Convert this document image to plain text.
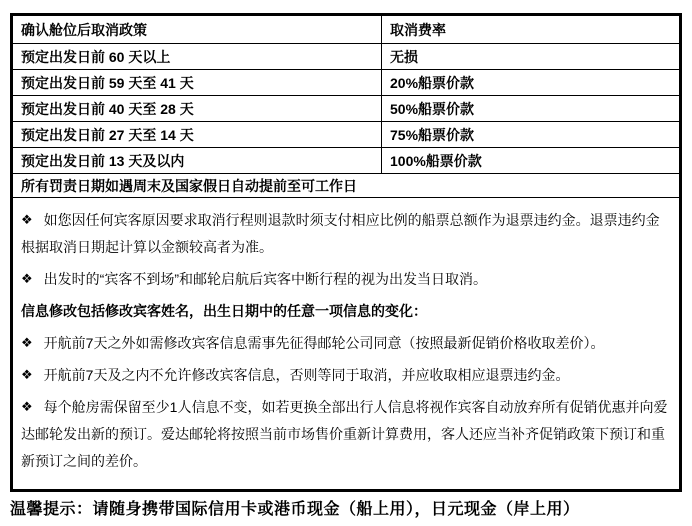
确认舱位后取消政策	取消费率
预定出发日前 60 天以上	无损
预定出发日前 59 天至 41 天	20%船票价款
预定出发日前 40 天至 28 天	50%船票价款
预定出发日前 27 天至 14 天	75%船票价款
预定出发日前 13 天及以内	100%船票价款
所有罚责日期如遇周末及国家假日自动提前至可工作日	

❖ 如您因任何宾客原因要求取消行程则退款时须支付相应比例的船票总额作为退票违约金。退票违约金根据取消日期起计算以金额较高者为准。

❖ 出发时的“宾客不到场”和邮轮启航后宾客中断行程的视为出发当日取消。

信息修改包括修改宾客姓名，出生日期中的任意一项信息的变化：

❖ 开航前7天之外如需修改宾客信息需事先征得邮轮公司同意（按照最新促销价格收取差价）。

❖ 开航前7天及之内不允许修改宾客信息，否则等同于取消，并应收取相应退票违约金。

❖ 每个舱房需保留至少1人信息不变，如若更换全部出行人信息将视作宾客自动放弃所有促销优惠并向爱达邮轮发出新的预订。爱达邮轮将按照当前市场售价重新计算费用，客人还应当补齐促销政策下预订和重新预订之间的差价。

温馨提示：请随身携带国际信用卡或港币现金（船上用），日元现金（岸上用）
